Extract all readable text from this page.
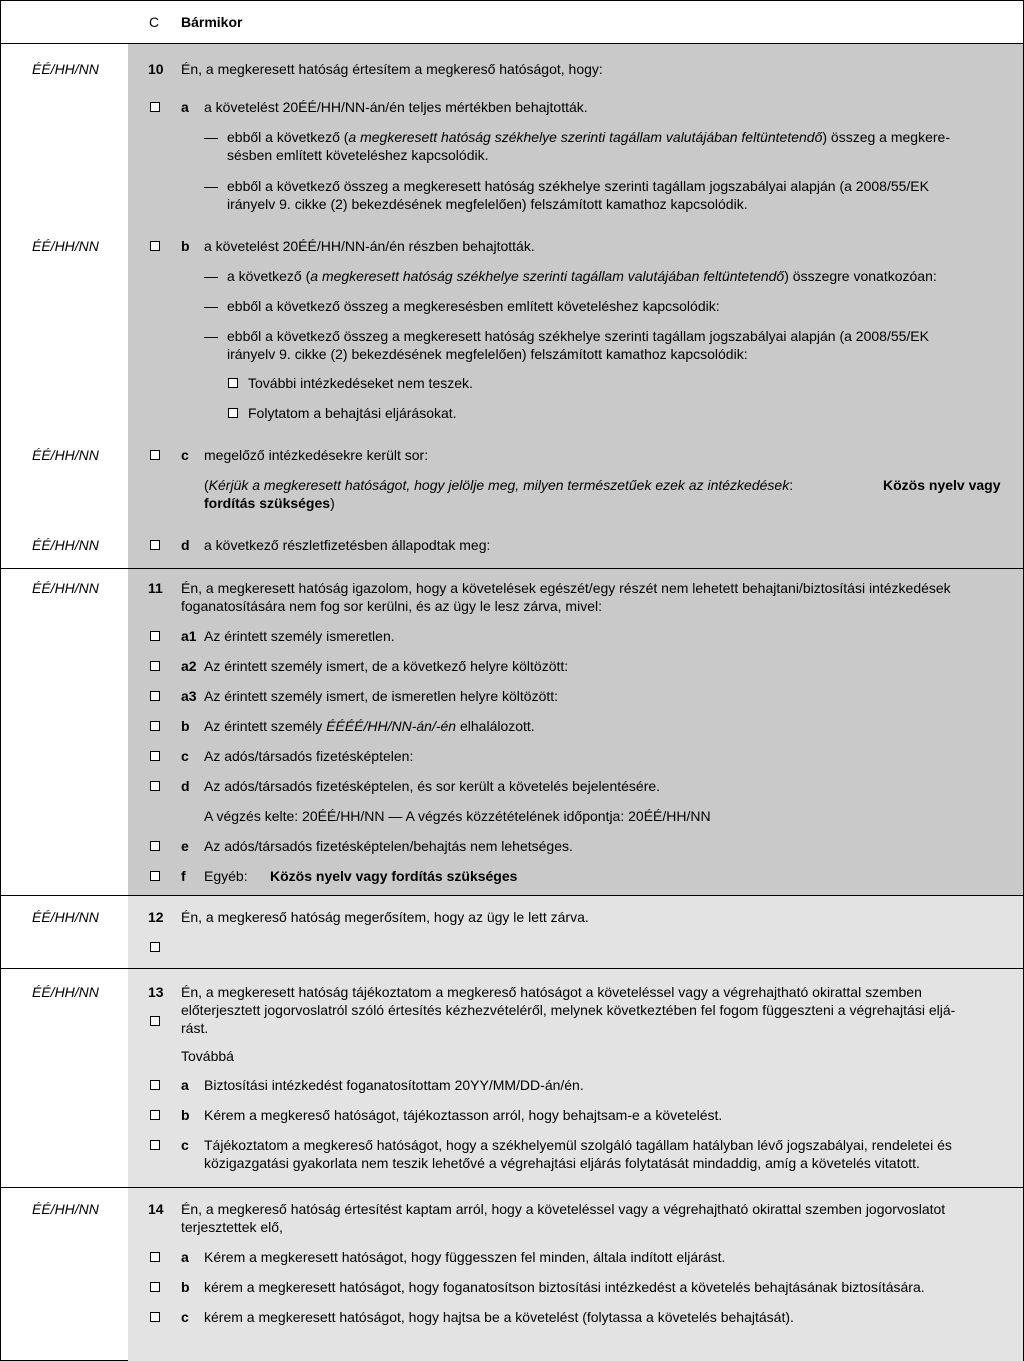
C Bármikor
ÉÉ/HH/NN	10 Én, a megkeresett hatóság értesítem a megkereső hatóságot, hogy:
a a követelést 20ÉÉ/HH/NN-án/én teljes mértékben behajtották.
— ebből a következő (a megkeresett hatóság székhelye szerinti tagállam valutájában feltüntetendő) összeg a megkere-
sésben említett követeléshez kapcsolódik.
— ebből a következő összeg a megkeresett hatóság székhelye szerinti tagállam jogszabályai alapján (a 2008/55/EK
irányelv 9. cikke (2) bekezdésének megfelelően) felszámított kamathoz kapcsolódik.
ÉÉ/HH/NN	b a követelést 20ÉÉ/HH/NN-án/én részben behajtották.
— a következő (a megkeresett hatóság székhelye szerinti tagállam valutájában feltüntetendő) összegre vonatkozóan:
— ebből a következő összeg a megkeresésben említett követeléshez kapcsolódik:
— ebből a következő összeg a megkeresett hatóság székhelye szerinti tagállam jogszabályai alapján (a 2008/55/EK
irányelv 9. cikke (2) bekezdésének megfelelően) felszámított kamathoz kapcsolódik:
További intézkedéseket nem teszek.
Folytatom a behajtási eljárásokat.
ÉÉ/HH/NN	c megelőző intézkedésekre került sor:
(Kérjük a megkeresett hatóságot, hogy jelölje meg, milyen természetűek ezek az intézkedések:	Közös nyelv vagy
fordítás szükséges)
ÉÉ/HH/NN	d a következő részletfizetésben állapodtak meg:
ÉÉ/HH/NN	11 Én, a megkeresett hatóság igazolom, hogy a követelések egészét/egy részét nem lehetett behajtani/biztosítási intézkedések
foganatosítására nem fog sor kerülni, és az ügy le lesz zárva, mivel:
a1 Az érintett személy ismeretlen.
a2 Az érintett személy ismert, de a következő helyre költözött:
a3 Az érintett személy ismert, de ismeretlen helyre költözött:
b Az érintett személy ÉÉÉÉ/HH/NN-án/-én elhalálozott.
c Az adós/társadós fizetésképtelen:
d Az adós/társadós fizetésképtelen, és sor került a követelés bejelentésére.
A végzés kelte: 20ÉÉ/HH/NN — A végzés közzétételének időpontja: 20ÉÉ/HH/NN
e Az adós/társadós fizetésképtelen/behajtás nem lehetséges.
f Egyéb: Közös nyelv vagy fordítás szükséges
ÉÉ/HH/NN	12 Én, a megkereső hatóság megerősítem, hogy az ügy le lett zárva.
ÉÉ/HH/NN	13 Én, a megkeresett hatóság tájékoztatom a megkereső hatóságot a követeléssel vagy a végrehajtható okirattal szemben
előterjesztett jogorvoslatról szóló értesítés kézhezvételéről, melynek következtében fel fogom függeszteni a végrehajtási eljá-
rást.
Továbbá
a Biztosítási intézkedést foganatosítottam 20YY/MM/DD-án/én.
b Kérem a megkereső hatóságot, tájékoztasson arról, hogy behajtsam-e a követelést.
c Tájékoztatom a megkereső hatóságot, hogy a székhelyemül szolgáló tagállam hatályban lévő jogszabályai, rendeletei és
közigazgatási gyakorlata nem teszik lehetővé a végrehajtási eljárás folytatását mindaddig, amíg a követelés vitatott.
ÉÉ/HH/NN	14 Én, a megkereső hatóság értesítést kaptam arról, hogy a követeléssel vagy a végrehajtható okirattal szemben jogorvoslatot
terjesztettek elő,
a Kérem a megkeresett hatóságot, hogy függesszen fel minden, általa indított eljárást.
b kérem a megkeresett hatóságot, hogy foganatosítson biztosítási intézkedést a követelés behajtásának biztosítására.
c kérem a megkeresett hatóságot, hogy hajtsa be a követelést (folytassa a követelés behajtását).
